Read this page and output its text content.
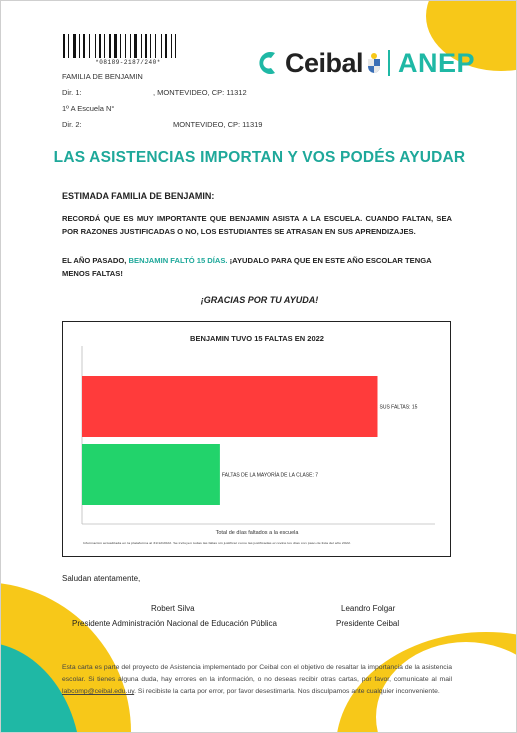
*08189-2187/240*
FAMILIA DE BENJAMIN
Dir. 1:	, MONTEVIDEO, CP: 11312
1º A Escuela N°
Dir. 2:	MONTEVIDEO, CP: 11319
Ceibal ANEP
LAS ASISTENCIAS IMPORTAN Y VOS PODÉS AYUDAR
ESTIMADA FAMILIA DE BENJAMIN:
RECORDÁ QUE ES MUY IMPORTANTE QUE BENJAMIN ASISTA A LA ESCUELA. CUANDO FALTAN, SEA POR RAZONES JUSTIFICADAS O NO, LOS ESTUDIANTES SE ATRASAN EN SUS APRENDIZAJES.
EL AÑO PASADO, BENJAMIN FALTÓ 15 DÍAS. ¡AYUDALO PARA QUE EN ESTE AÑO ESCOLAR TENGA MENOS FALTAS!
¡GRACIAS POR TU AYUDA!
BENJAMIN TUVO 15 FALTAS EN 2022
SUS FALTAS: 15
FALTAS DE LA MAYORÍA DE LA CLASE: 7
Total de días faltados a la escuela
Información actualizada en la plataforma al 31/12/2022. Se incluyen todas las faltas sin justificar como las justificadas en todos los días con paso de lista del año 2022.
Saludan atentamente,
Robert Silva
Presidente Administración Nacional de Educación Pública
Leandro Folgar
Presidente Ceibal
Esta carta es parte del proyecto de Asistencia implementado por Ceibal con el objetivo de resaltar la importancia de la asistencia escolar. Si tienes alguna duda, hay errores en la información, o no deseas recibir otras cartas, por favor, comunicate al mail labcomp@ceibal.edu.uy. Si recibiste la carta por error, por favor desestimarla. Nos disculpamos ante cualquier inconveniente.
